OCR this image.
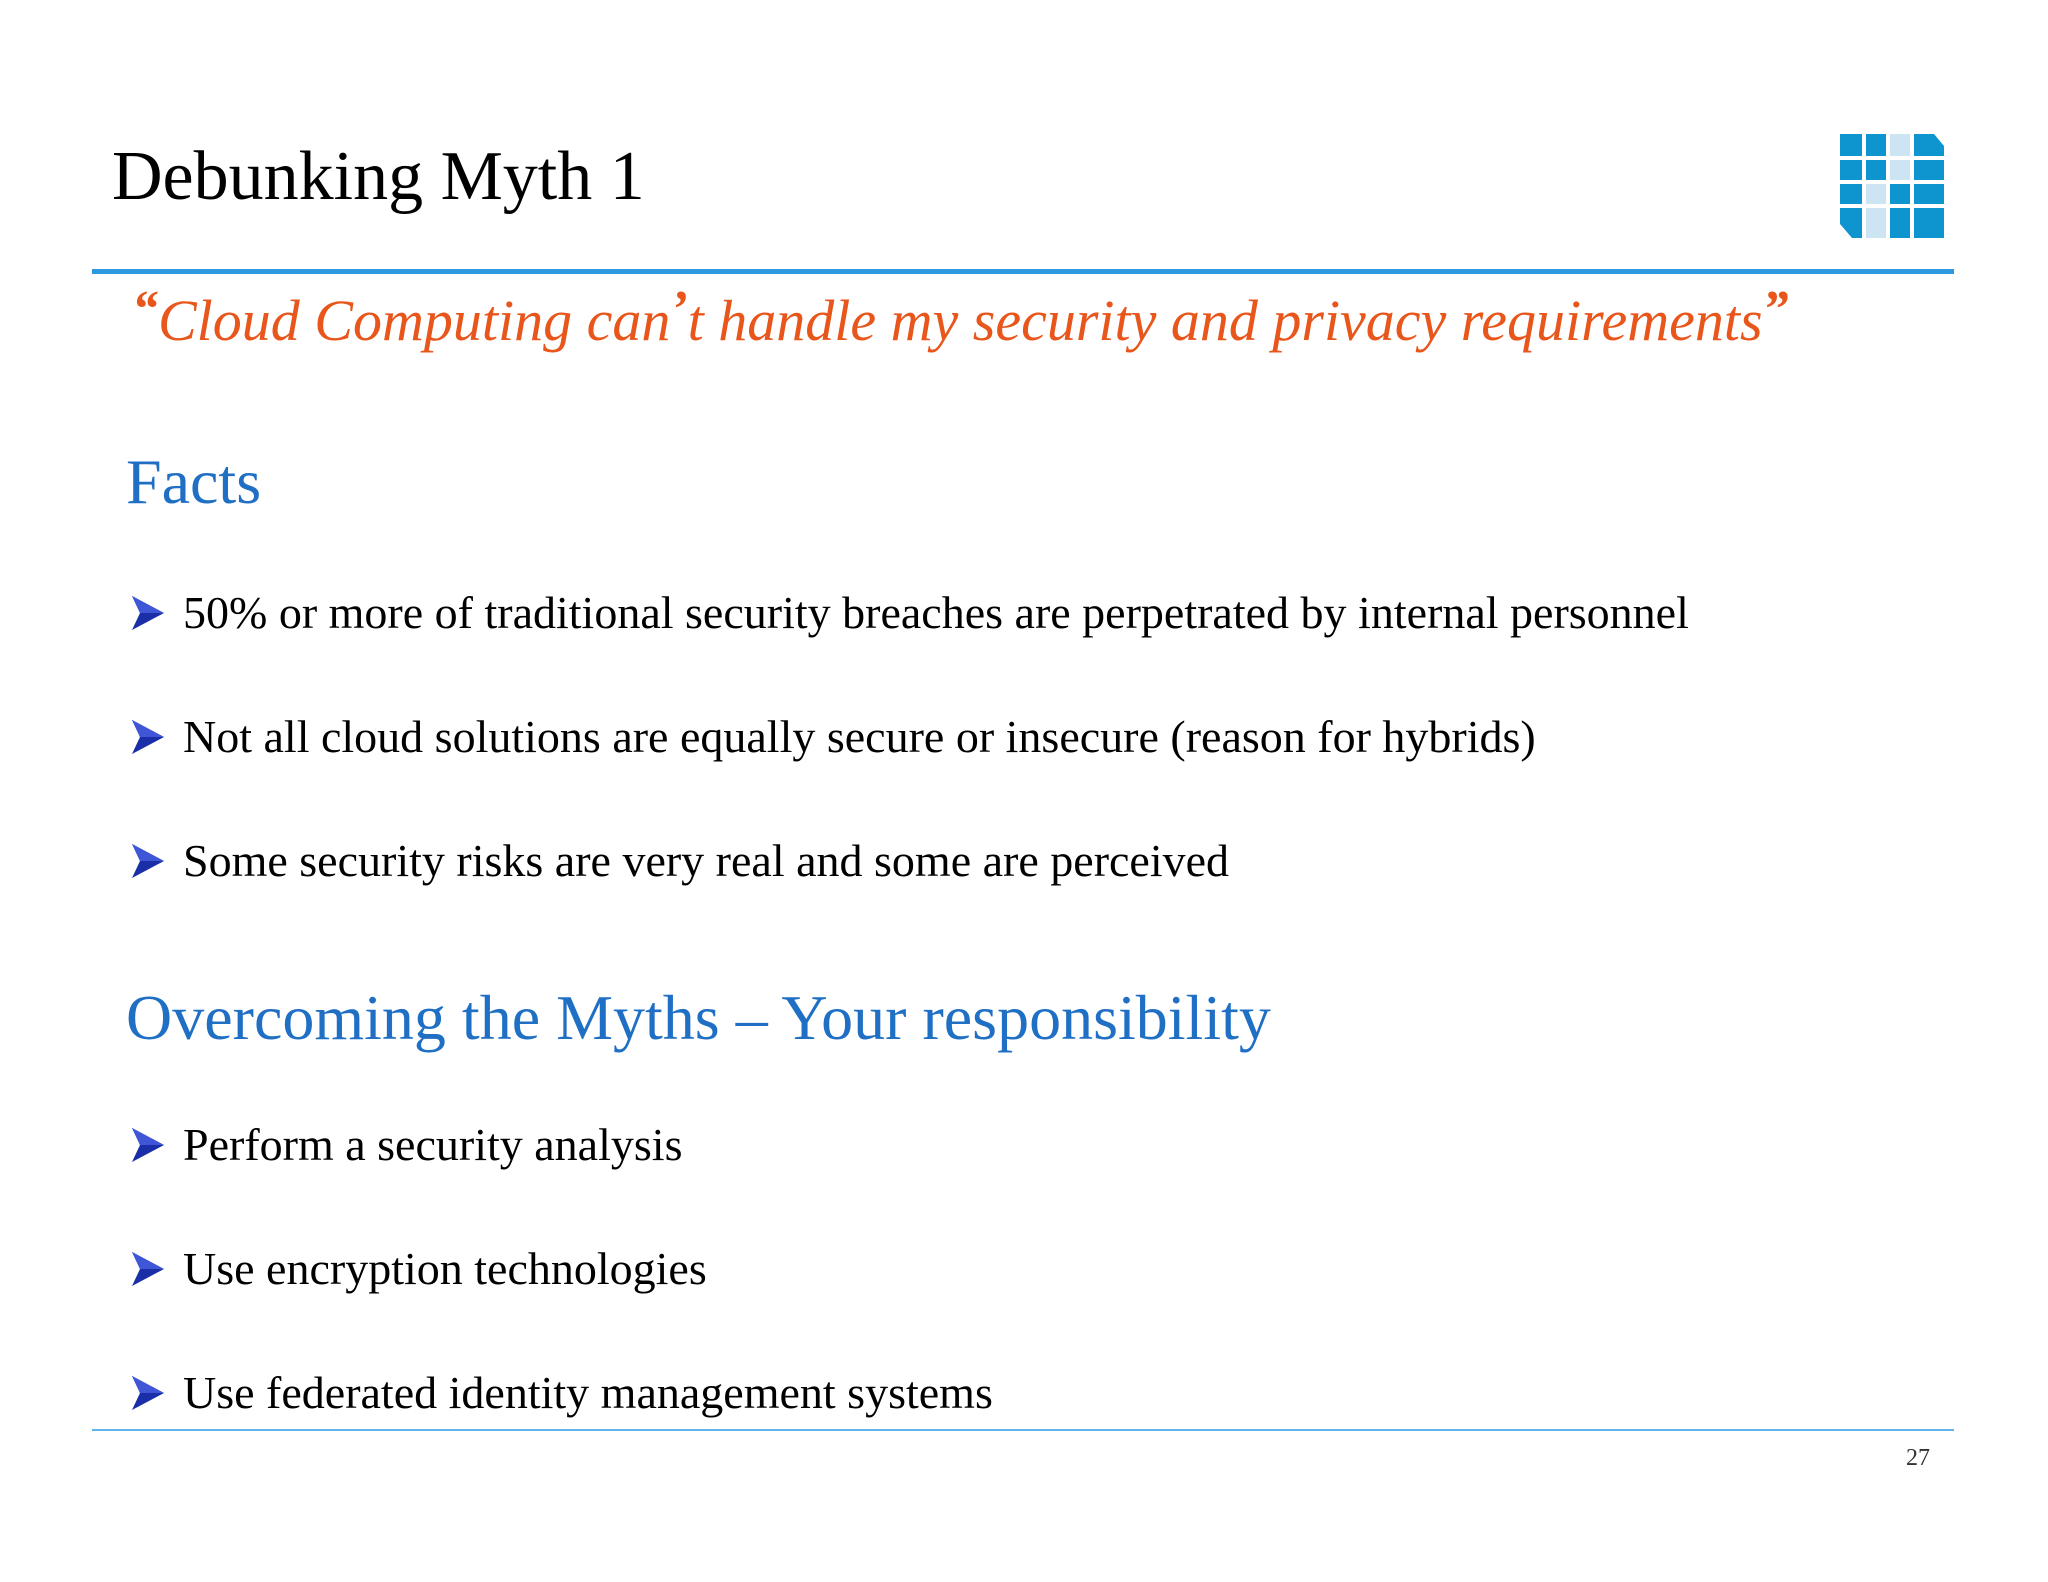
Debunking Myth 1
“Cloud Computing can’t handle my security and privacy requirements”
Facts
50% or more of traditional security breaches are perpetrated by internal personnel
Not all cloud solutions are equally secure or insecure (reason for hybrids)
Some security risks are very real and some are perceived
Overcoming the Myths – Your responsibility
Perform a security analysis
Use encryption technologies
Use federated identity management systems
27
